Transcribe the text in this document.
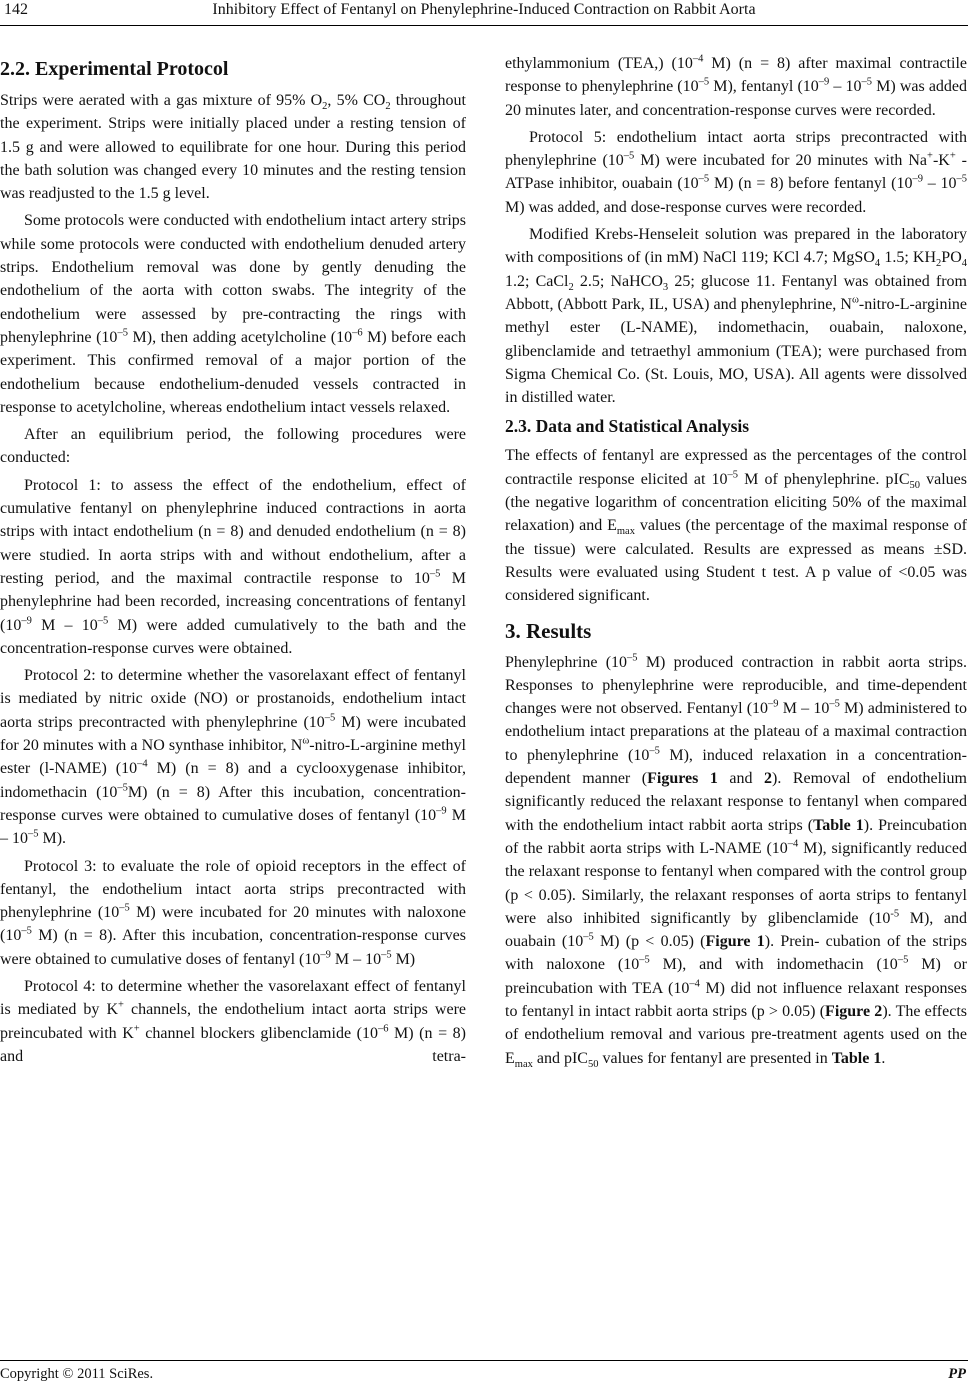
142	Inhibitory Effect of Fentanyl on Phenylephrine-Induced Contraction on Rabbit Aorta
2.2. Experimental Protocol

Strips were aerated with a gas mixture of 95% $O_2$, 5% $CO_2$ throughout the experiment. Strips were initially placed under a resting tension of 1.5 g and were allowed to equilibrate for one hour. During this period the bath solution was changed every 10 minutes and the resting tension was readjusted to the 1.5 g level.

Some protocols were conducted with endothelium intact artery strips while some protocols were conducted with endothelium denuded artery strips. Endothelium removal was done by gently denuding the endothelium of the aorta with cotton swabs. The integrity of the endothelium were assessed by pre-contracting the rings with phenylephrine ($10^{-5}$ M), then adding acetylcholine ($10^{-6}$ M) before each experiment. This confirmed removal of a major portion of the endothelium because endothelium-denuded vessels contracted in response to acetylcholine, whereas endothelium intact vessels relaxed.

After an equilibrium period, the following procedures were conducted:

Protocol 1: to assess the effect of the endothelium, effect of cumulative fentanyl on phenylephrine induced contractions in aorta strips with intact endothelium (n = 8) and denuded endothelium (n = 8) were studied. In aorta strips with and without endothelium, after a resting period, and the maximal contractile response to $10^{-5}$ M phenylephrine had been recorded, increasing concentrations of fentanyl ($10^{-9}$ M – $10^{-5}$ M) were added cumulatively to the bath and the concentration-response curves were obtained.

Protocol 2: to determine whether the vasorelaxant effect of fentanyl is mediated by nitric oxide (NO) or prostanoids, endothelium intact aorta strips precontracted with phenylephrine ($10^{-5}$ M) were incubated for 20 minutes with a NO synthase inhibitor, $N^\omega-nitro-L$-arginine methyl ester (l-NAME) ($10^{-4}$ M) (n = 8) and a cyclooxygenase inhibitor, indomethacin $(10^{-5}M) (n = 8)$ After this incubation, concentration-response curves were obtained to cumulative doses of fentanyl ($10^{-9}$ M – $10^{-5}$ M).

Protocol 3: to evaluate the role of opioid receptors in the effect of fentanyl, the endothelium intact aorta strips precontracted with phenylephrine ($10^{-5}$ M) were incubated for 20 minutes with naloxone ($10^{-5}$ M) (n = 8). After this incubation, concentration-response curves were obtained to cumulative doses of fentanyl ($10^{-9}$ M – $10^{-5}$ M)

Protocol 4: to determine whether the vasorelaxant effect of fentanyl is mediated by K+ channels, the endothelium intact aorta strips were preincubated with K+ channel blockers glibenclamide ($10^{-6}$ M) (n = 8) and tetra-

ethylammonium (TEA,) ($10^{-4}$ M) (n = 8) after maximal contractile response to phenylephrine ($10^{-5}$ M), fentanyl ($10^{-9} - 10^{-5}$ M) was added 20 minutes later, and concentration-response curves were recorded.

Protocol 5: endothelium intact aorta strips precontracted with phenylephrine ($10^{-5}$ M) were incubated for 20 minutes with Na+-K+ -ATPase inhibitor, ouabain ($10^{-5}$ M) (n = 8) before fentanyl ($10^{-9} - 10^{-5}$ M) was added, and dose-response curves were recorded.

Modified Krebs-Henseleit solution was prepared in the laboratory with compositions of (in mM) NaCl 119; KCl 4.7; MgSO$_4$ 1.5; $KH_2PO_4$ 1.2; CaCl$_2$ 2.5; NaHCO$_3$ 25; glucose 11. Fentanyl was obtained from Abbott, (Abbott Park, IL, USA) and phenylephrine, $N^\omega-nitro-L$-arginine methyl ester (L-NAME), indomethacin, ouabain, naloxone, glibenclamide and tetraethyl ammonium (TEA); were purchased from Sigma Chemical Co. (St. Louis, MO, USA). All agents were dissolved in distilled water.

2.3. Data and Statistical Analysis

The effects of fentanyl are expressed as the percentages of the control contractile response elicited at $10^{-5}$ M of phenylephrine. pIC$_{50}$ values (the negative logarithm of concentration eliciting 50% of the maximal relaxation) and $E_{max}$ values (the percentage of the maximal response of the tissue) were calculated. Results are expressed as means ±SD. Results were evaluated using Student t test. A p value of <0.05 was considered significant.

3. Results

Phenylephrine ($10^{-5}$ M) produced contraction in rabbit aorta strips. Responses to phenylephrine were reproducible, and time-dependent changes were not observed. Fentanyl ($10^{-9}$ M – $10^{-5}$ M) administered to endothelium intact preparations at the plateau of a maximal contraction to phenylephrine ($10^{-5}$ M), induced relaxation in a concentration-dependent manner (Figures 1 and 2). Removal of endothelium significantly reduced the relaxant response to fentanyl when compared with the endothelium intact rabbit aorta strips (Table 1). Preincubation of the rabbit aorta strips with L-NAME ($10^{-4}$ M), significantly reduced the relaxant response to fentanyl when compared with the control group (p < 0.05). Similarly, the relaxant responses of aorta strips to fentanyl were also inhibited significantly by glibenclamide ($10^{-5}$ M), and ouabain ($10^{-5}$ M) (p < 0.05) (Figure 1). Prein- cubation of the strips with naloxone ($10^{-5}$ M), and with indomethacin ($10^{-5}$ M) or preincubation with TEA ($10^{-4}$ M) did not influence relaxant responses to fentanyl in intact rabbit aorta strips (p > 0.05) (Figure 2). The effects of endothelium removal and various pre-treatment agents used on the $E_{max}$ and pIC$_{50}$ values for fentanyl are presented in Table 1.

Copyright © 2011 SciRes.	PP
